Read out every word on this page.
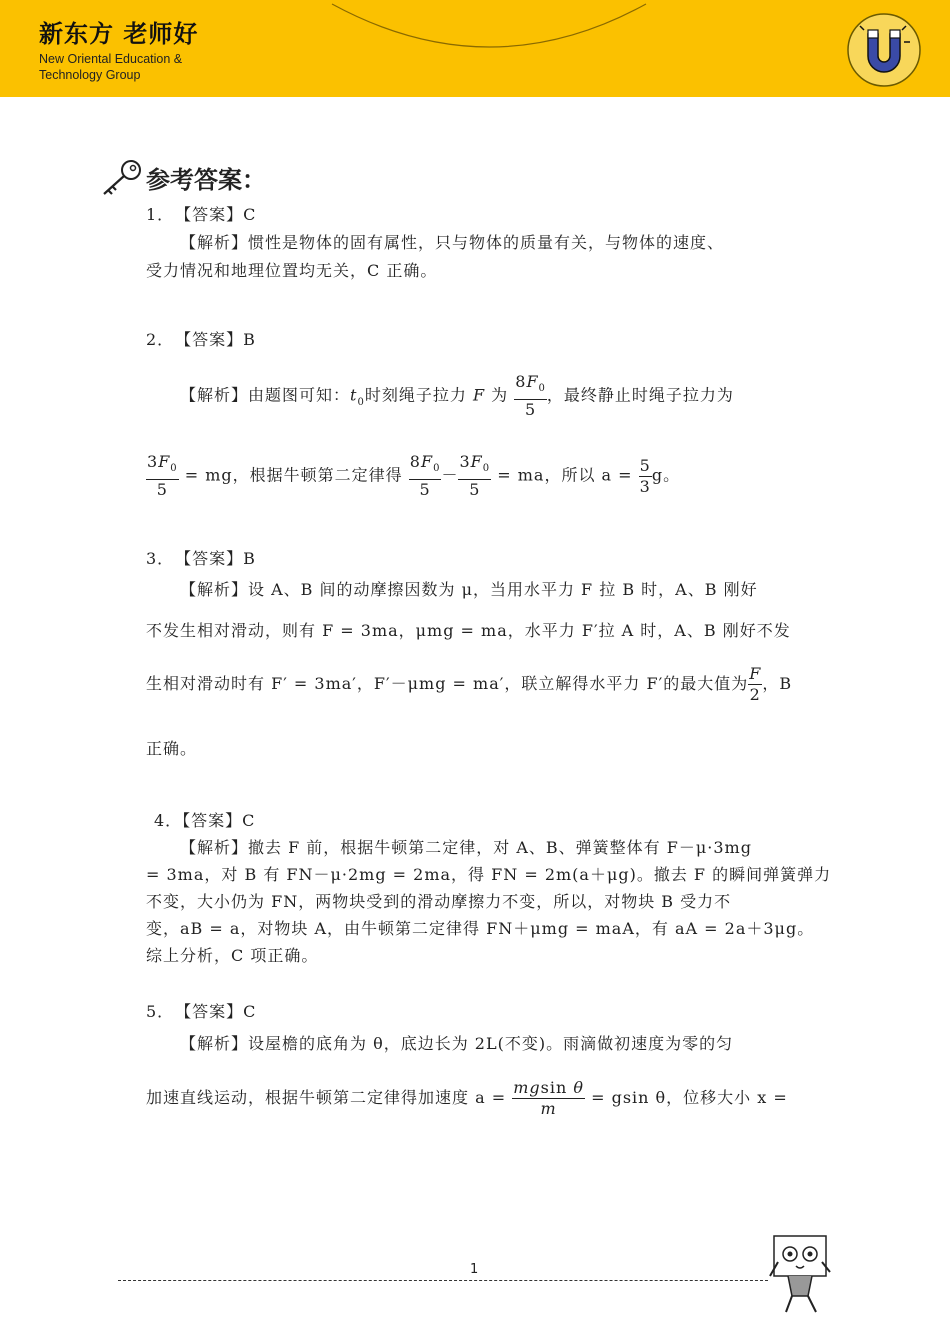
新东方 老师好
New Oriental Education &
Technology Group
参考答案：
1．　【答案】C
【解析】惯性是物体的固有属性，只与物体的质量有关，与物体的速度、
受力情况和地理位置均无关，C 正确。
2．　【答案】B
【解析】由题图可知：$t_0$时刻绳子拉力 F 为 $\frac{8F_0}{5}$ ，最终静止时绳子拉力为
$\frac{3F_0}{5}$ = mg，根据牛顿第二定律得 $\frac{8F_0}{5} - \frac{3F_0}{5}$ = ma，所以 $a = \frac{5}{3}$ g。
3．　【答案】B
【解析】设 A、B 间的动摩擦因数为 μ，当用水平力 F 拉 B 时，A、B 刚好
不发生相对滑动，则有 F = 3ma，μmg = ma，水平力 F′拉 A 时，A、B 刚好不发
生相对滑动时有 F′ = 3ma′，F′－μmg = ma′，联立解得水平力 F′的最大值为 $\frac{F}{2}$ ，B
正确。
4．【答案】C
【解析】撤去 F 前，根据牛顿第二定律，对 A、B、弹簧整体有 F－μ·3mg
= 3ma，对 B 有 FN－μ·2mg = 2ma，得 FN = 2m(a＋μg)。撤去 F 的瞬间弹簧弹力
不变，大小仍为 FN，两物块受到的滑动摩擦力不变，所以，对物块 B 受力不
变，aB = a，对物块 A，由牛顿第二定律得 FN＋μmg = maA，有 aA = 2a＋3μg。
综上分析，C 项正确。
5．　【答案】C
【解析】设屋檐的底角为 θ，底边长为 2L(不变)。雨滴做初速度为零的匀
加速直线运动，根据牛顿第二定律得加速度 $a = \frac{\text{mgsin θ}}{m} = gsin$ θ，位移大小 x =
1
